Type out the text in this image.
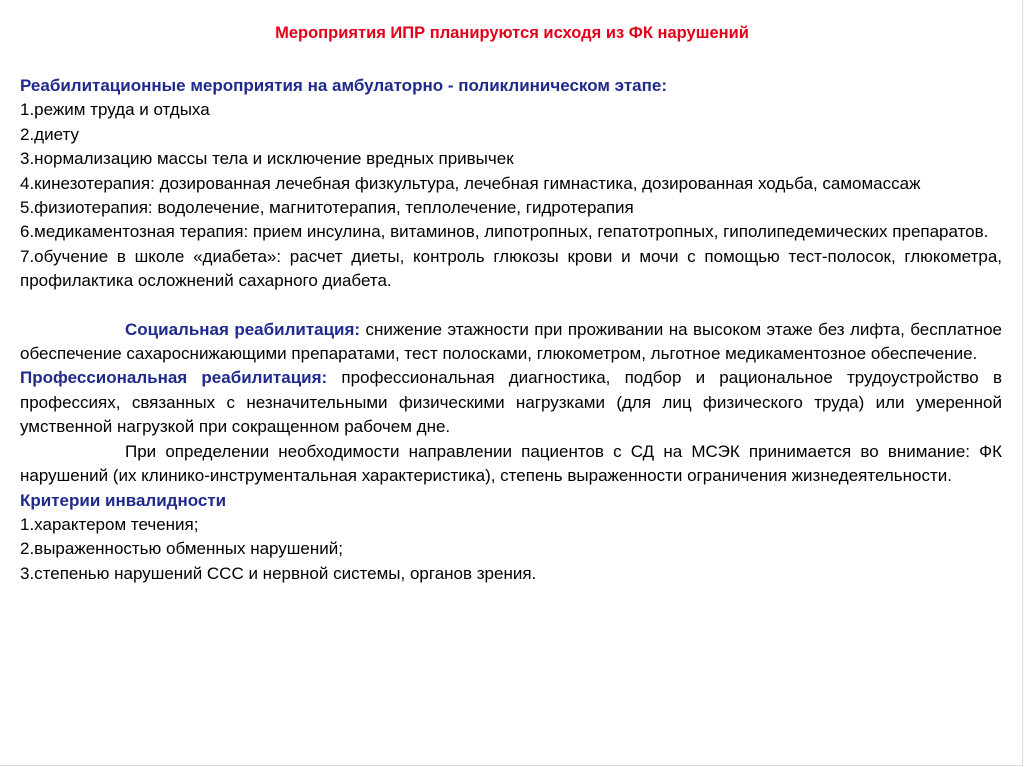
Мероприятия ИПР планируются исходя из ФК нарушений

Реабилитационные мероприятия на амбулаторно - поликлиническом этапе:

1.режим труда и отдыха

2.диету

3.нормализацию массы тела и исключение вредных привычек

4.кинезотерапия: дозированная лечебная физкультура, лечебная гимнастика, дозированная ходьба, самомассаж

5.физиотерапия: водолечение, магнитотерапия, теплолечение, гидротерапия

6.медикаментозная терапия: прием инсулина, витаминов, липотропных, гепатотропных, гиполипедемических препаратов.

7.обучение в школе «диабета»: расчет диеты, контроль глюкозы крови и мочи с помощью тест-полосок, глюкометра, профилактика осложнений сахарного диабета.

Социальная реабилитация: снижение этажности при проживании на высоком этаже без лифта, бесплатное обеспечение сахароснижающими препаратами, тест полосками, глюкометром, льготное медикаментозное обеспечение.

Профессиональная реабилитация: профессиональная диагностика, подбор и рациональное трудоустройство в профессиях, связанных с незначительными физическими нагрузками (для лиц физического труда) или умеренной умственной нагрузкой при сокращенном рабочем дне.

При определении необходимости направлении пациентов с СД на МСЭК принимается во внимание: ФК нарушений (их клинико-инструментальная характеристика), степень выраженности ограничения жизнедеятельности.

Критерии инвалидности

1.характером течения;

2.выраженностью обменных нарушений;

3.степенью нарушений ССС и нервной системы, органов зрения.
